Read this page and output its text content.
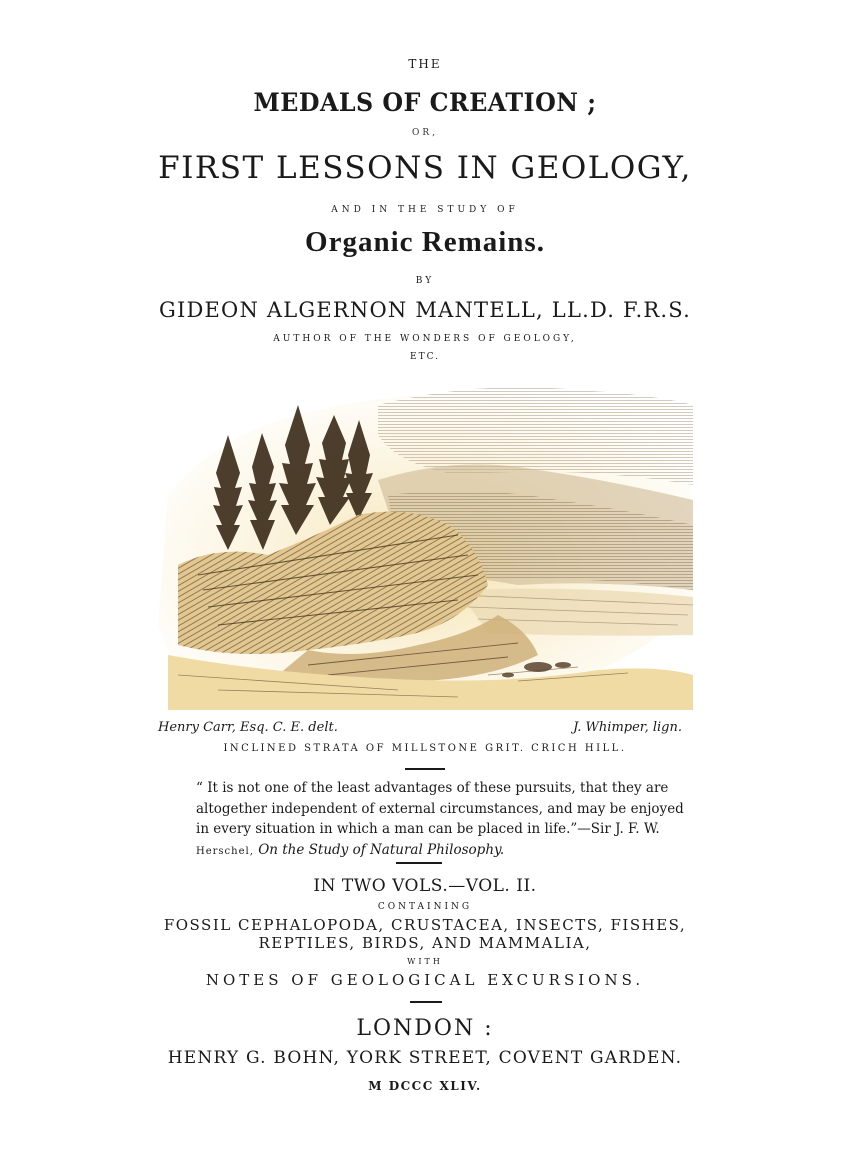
THE
MEDALS OF CREATION ;
OR,
FIRST LESSONS IN GEOLOGY,
AND IN THE STUDY OF
Organic Remains.
BY
GIDEON ALGERNON MANTELL, LL.D. F.R.S.
AUTHOR OF THE WONDERS OF GEOLOGY,
ETC.
Henry Carr, Esq. C. E. delt.	J. Whimper, lign.
INCLINED STRATA OF MILLSTONE GRIT. CRICH HILL.
“ It is not one of the least advantages of these pursuits, that they are
altogether independent of external circumstances, and may be enjoyed
in every situation in which a man can be placed in life.”—Sir J. F. W.
Herschel, On the Study of Natural Philosophy.
IN TWO VOLS.—VOL. II.
CONTAINING
FOSSIL CEPHALOPODA, CRUSTACEA, INSECTS, FISHES,
REPTILES, BIRDS, AND MAMMALIA,
WITH
NOTES OF GEOLOGICAL EXCURSIONS.
LONDON :
HENRY G. BOHN, YORK STREET, COVENT GARDEN.
M DCCC XLIV.
